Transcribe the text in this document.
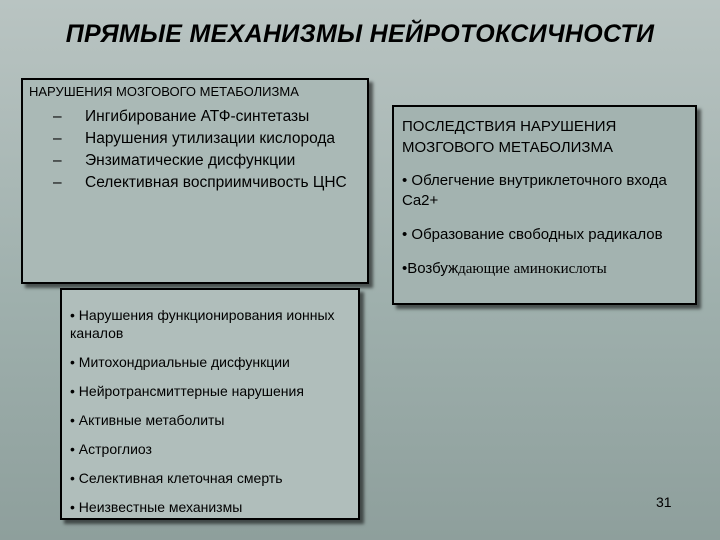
ПРЯМЫЕ МЕХАНИЗМЫ НЕЙРОТОКСИЧНОСТИ
НАРУШЕНИЯ МОЗГОВОГО МЕТАБОЛИЗМА
– Ингибирование АТФ-синтетазы
– Нарушения утилизации кислорода
– Энзиматические дисфункции
– Селективная восприимчивость ЦНС
ПОСЛЕДСТВИЯ НАРУШЕНИЯ МОЗГОВОГО МЕТАБОЛИЗМА
• Облегчение внутриклеточного входа Ca2+
• Образование свободных радикалов
•Возбуждающие аминокислоты
• Нарушения функционирования ионных каналов
• Митохондриальные дисфункции
• Нейротрансмиттерные нарушения
• Активные метаболиты
• Астроглиоз
• Селективная клеточная смерть
• Неизвестные механизмы	31
